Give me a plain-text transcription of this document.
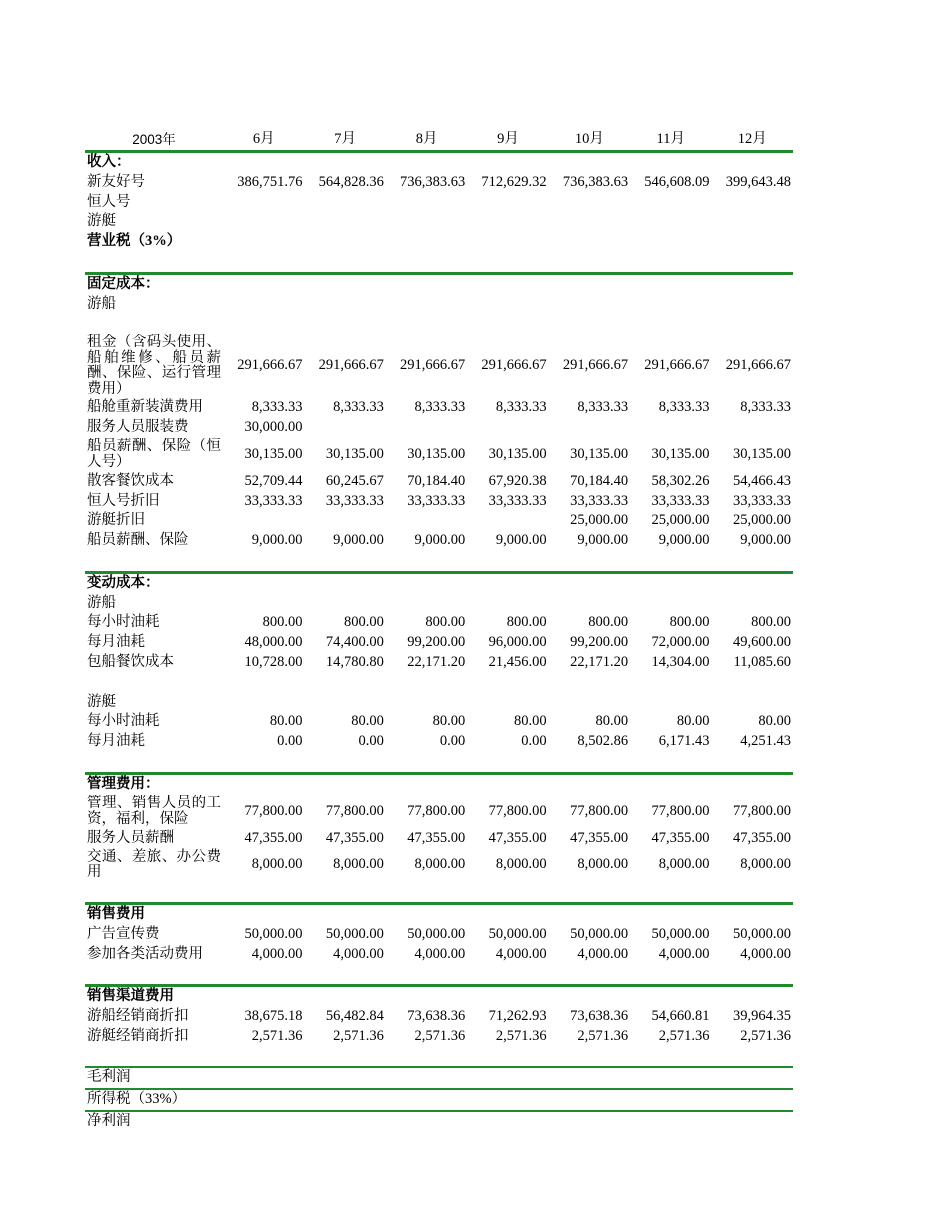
2003年	6月	7月	8月	9月	10月	11月	12月
收入：							
新友好号	386,751.76	564,828.36	736,383.63	712,629.32	736,383.63	546,608.09	399,643.48
恒人号							
游艇							
营业税（3%）							

固定成本：							
游船							

租金（含码头使用、船舶维修、船员薪酬、保险、运行管理费用）	291,666.67	291,666.67	291,666.67	291,666.67	291,666.67	291,666.67	291,666.67
船舱重新装潢费用	8,333.33	8,333.33	8,333.33	8,333.33	8,333.33	8,333.33	8,333.33
服务人员服装费	30,000.00						
船员薪酬、保险（恒人号）	30,135.00	30,135.00	30,135.00	30,135.00	30,135.00	30,135.00	30,135.00
散客餐饮成本	52,709.44	60,245.67	70,184.40	67,920.38	70,184.40	58,302.26	54,466.43
恒人号折旧	33,333.33	33,333.33	33,333.33	33,333.33	33,333.33	33,333.33	33,333.33
游艇折旧					25,000.00	25,000.00	25,000.00
船员薪酬、保险	9,000.00	9,000.00	9,000.00	9,000.00	9,000.00	9,000.00	9,000.00

变动成本：							
游船							
每小时油耗	800.00	800.00	800.00	800.00	800.00	800.00	800.00
每月油耗	48,000.00	74,400.00	99,200.00	96,000.00	99,200.00	72,000.00	49,600.00
包船餐饮成本	10,728.00	14,780.80	22,171.20	21,456.00	22,171.20	14,304.00	11,085.60

游艇							
每小时油耗	80.00	80.00	80.00	80.00	80.00	80.00	80.00
每月油耗	0.00	0.00	0.00	0.00	8,502.86	6,171.43	4,251.43

管理费用：							
管理、销售人员的工资，福利，保险	77,800.00	77,800.00	77,800.00	77,800.00	77,800.00	77,800.00	77,800.00
服务人员薪酬	47,355.00	47,355.00	47,355.00	47,355.00	47,355.00	47,355.00	47,355.00
交通、差旅、办公费用	8,000.00	8,000.00	8,000.00	8,000.00	8,000.00	8,000.00	8,000.00

销售费用							
广告宣传费	50,000.00	50,000.00	50,000.00	50,000.00	50,000.00	50,000.00	50,000.00
参加各类活动费用	4,000.00	4,000.00	4,000.00	4,000.00	4,000.00	4,000.00	4,000.00

销售渠道费用							
游船经销商折扣	38,675.18	56,482.84	73,638.36	71,262.93	73,638.36	54,660.81	39,964.35
游艇经销商折扣	2,571.36	2,571.36	2,571.36	2,571.36	2,571.36	2,571.36	2,571.36

毛利润							
所得税（33%）							
净利润							
